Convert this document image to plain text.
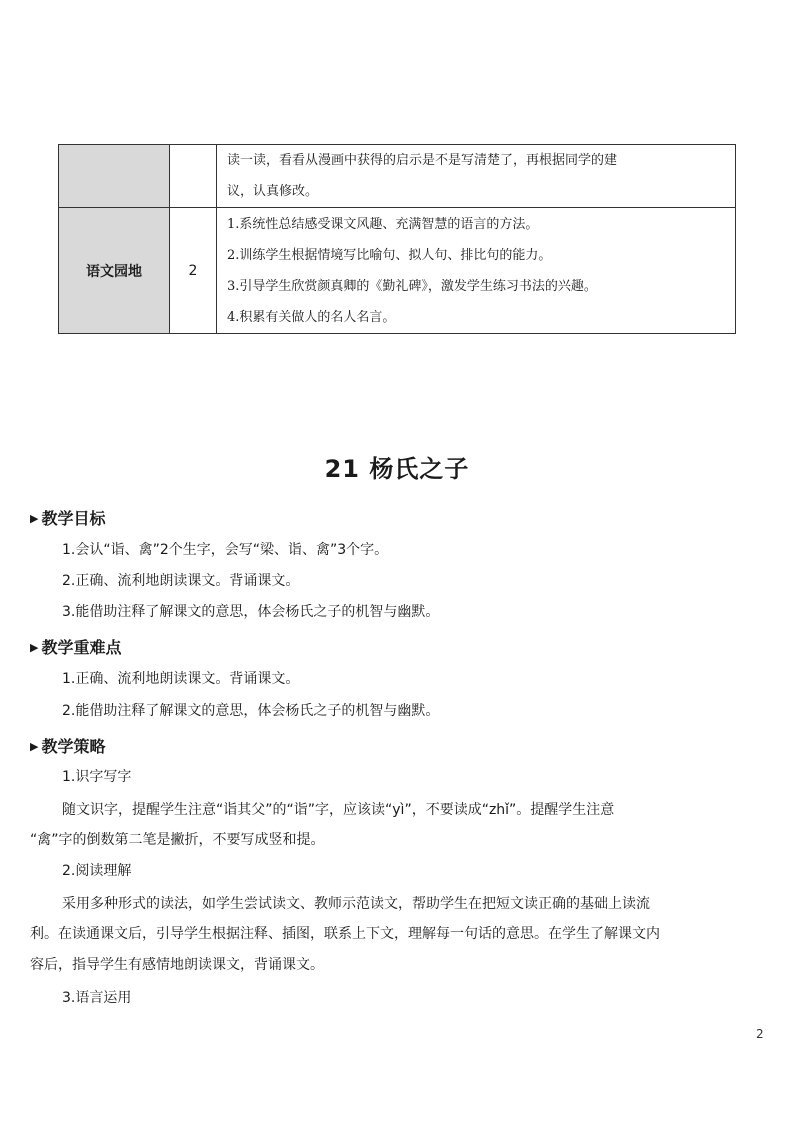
		读一读，看看从漫画中获得的启示是不是写清楚了，再根据同学的建
议，认真修改。

语文园地	2	1.系统性总结感受课文风趣、充满智慧的语言的方法。
2.训练学生根据情境写比喻句、拟人句、排比句的能力。
3.引导学生欣赏颜真卿的《勤礼碑》，激发学生练习书法的兴趣。
4.积累有关做人的名人名言。
21 杨氏之子
▶ 教学目标
1.会认“诣、禽”2个生字，会写“梁、诣、禽”3个字。
2.正确、流利地朗读课文。背诵课文。
3.能借助注释了解课文的意思，体会杨氏之子的机智与幽默。
▶ 教学重难点
1.正确、流利地朗读课文。背诵课文。
2.能借助注释了解课文的意思，体会杨氏之子的机智与幽默。
▶ 教学策略
1.识字写字
随文识字，提醒学生注意“诣其父”的“诣”字，应该读“yì”，不要读成“zhǐ”。提醒学生注意
“禽”字的倒数第二笔是撇折，不要写成竖和提。
2.阅读理解
采用多种形式的读法，如学生尝试读文、教师示范读文，帮助学生在把短文读正确的基础上读流
利。在读通课文后，引导学生根据注释、插图，联系上下文，理解每一句话的意思。在学生了解课文内
容后，指导学生有感情地朗读课文，背诵课文。
3.语言运用
2
